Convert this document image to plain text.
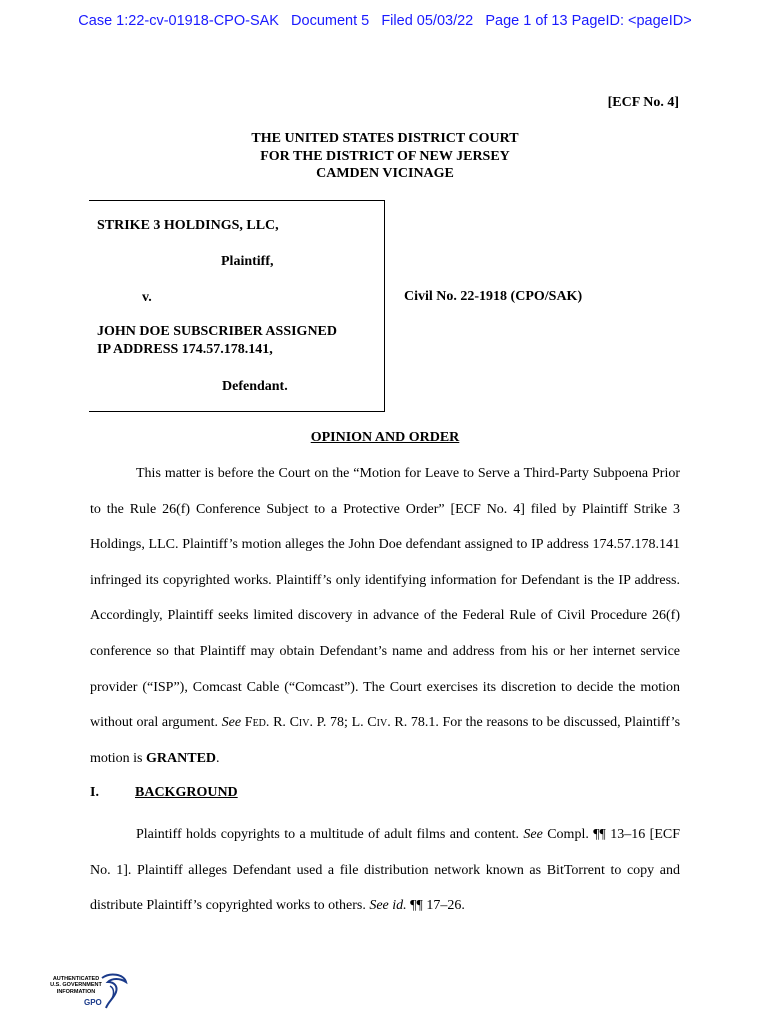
Case 1:22-cv-01918-CPO-SAK Document 5 Filed 05/03/22 Page 1 of 13 PageID: <pageID>
[ECF No. 4]
THE UNITED STATES DISTRICT COURT
FOR THE DISTRICT OF NEW JERSEY
CAMDEN VICINAGE
STRIKE 3 HOLDINGS, LLC,
Plaintiff,
v.
JOHN DOE SUBSCRIBER ASSIGNED
IP ADDRESS 174.57.178.141,
Defendant.
Civil No. 22-1918 (CPO/SAK)
OPINION AND ORDER
This matter is before the Court on the “Motion for Leave to Serve a Third-Party Subpoena Prior to the Rule 26(f) Conference Subject to a Protective Order” [ECF No. 4] filed by Plaintiff Strike 3 Holdings, LLC. Plaintiff’s motion alleges the John Doe defendant assigned to IP address 174.57.178.141 infringed its copyrighted works. Plaintiff’s only identifying information for Defendant is the IP address. Accordingly, Plaintiff seeks limited discovery in advance of the Federal Rule of Civil Procedure 26(f) conference so that Plaintiff may obtain Defendant’s name and address from his or her internet service provider (“ISP”), Comcast Cable (“Comcast”). The Court exercises its discretion to decide the motion without oral argument. See Fed. R. Civ. P. 78; L. Civ. R. 78.1. For the reasons to be discussed, Plaintiff’s motion is GRANTED.
I.	BACKGROUND
Plaintiff holds copyrights to a multitude of adult films and content. See Compl. ¶¶ 13–16 [ECF No. 1]. Plaintiff alleges Defendant used a file distribution network known as BitTorrent to copy and distribute Plaintiff’s copyrighted works to others. See id. ¶¶ 17–26.
AUTHENTICATED
U.S. GOVERNMENT
INFORMATION
GPO
